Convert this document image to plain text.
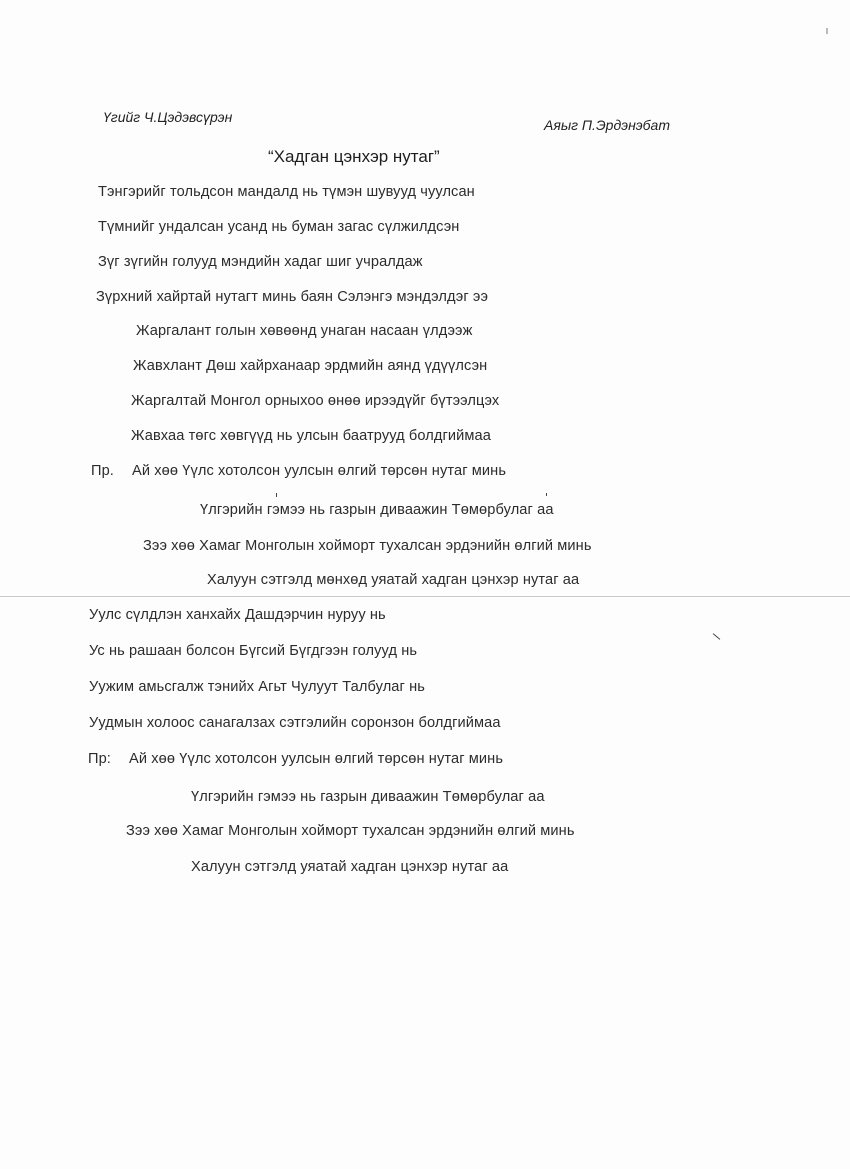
Үгийг Ч.Цэдэвсүрэн	Аяыг П.Эрдэнэбат
“Хадган цэнхэр нутаг”
Тэнгэрийг тольдсон мандалд нь түмэн шувууд чуулсан
Түмнийг ундалсан усанд нь буман загас сүлжилдсэн
Зүг зүгийн голууд мэндийн хадаг шиг учралдаж
Зүрхний хайртай нутагт минь баян Сэлэнгэ мэндэлдэг ээ
Жаргалант голын хөвөөнд унаган насаан үлдээж
Жавхлант Дөш хайрханаар эрдмийн аянд үдүүлсэн
Жаргалтай Монгол орныхоо өнөө ирээдүйг бүтээлцэх
Жавхаа төгс хөвгүүд нь улсын баатрууд болдгиймаа
Пр. Ай хөө Үүлс хотолсон уулсын өлгий төрсөн нутаг минь
Үлгэрийн гэмээ нь газрын диваажин Төмөрбулаг аа
Зээ хөө Хамаг Монголын хойморт тухалсан эрдэнийн өлгий минь
Халуун сэтгэлд мөнхөд уяатай хадган цэнхэр нутаг аа
Уулс сүлдлэн ханхайх Дашдэрчин нуруу нь
Ус нь рашаан болсон Бүгсий Бүгдгээн голууд нь
Уужим амьсгалж тэнийх Агьт Чулуут Талбулаг нь
Уудмын холоос санагалзах сэтгэлийн соронзон болдгиймаа
Пр: Ай хөө Үүлс хотолсон уулсын өлгий төрсөн нутаг минь
Үлгэрийн гэмээ нь газрын диваажин Төмөрбулаг аа
Зээ хөө Хамаг Монголын хойморт тухалсан эрдэнийн өлгий минь
Халуун сэтгэлд уяатай хадган цэнхэр нутаг аа
